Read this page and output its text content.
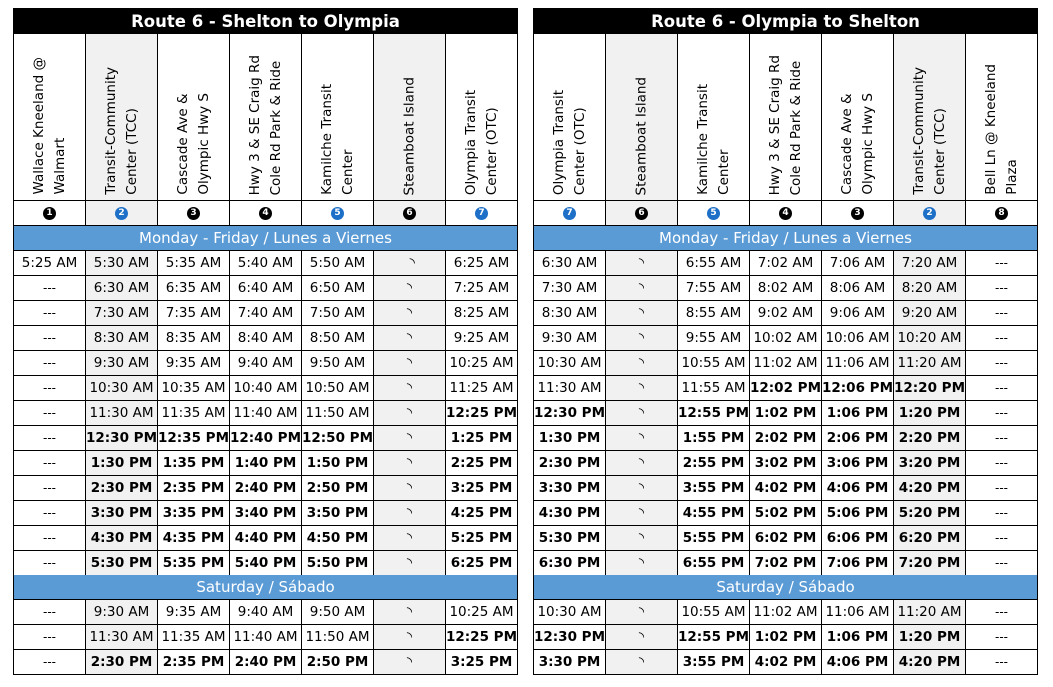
Route 6 - Shelton to Olympia
Wallace Kneeland @
Walmart	Transit-Community
Center (TCC)
Cascade Ave &
Olympic Hwy S
Hwy 3 & SE Craig Rd
Cole Rd Park & Ride
Kamilche Transit
Center	Steamboat Island	Olympia Transit
Center (OTC)
1	2	3	4	5	6	7
Monday - Friday / Lunes a Viernes
5:25 AM	5:30 AM	5:35 AM	5:40 AM	5:50 AM	  ◝	6:25 AM
---	6:30 AM	6:35 AM	6:40 AM	6:50 AM	◝	7:25 AM
---	7:30 AM	7:35 AM	7:40 AM	7:50 AM	◝	8:25 AM
---	8:30 AM	8:35 AM	8:40 AM	8:50 AM	◝	9:25 AM
---	9:30 AM	9:35 AM	9:40 AM	9:50 AM	◝	10:25 AM
---	10:30 AM 10:35 AM 10:40 AM 10:50 AM	◝	11:25 AM
---	11:30 AM 11:35 AM 11:40 AM 11:50 AM	◝	12:25 PM
---	12:30 PM 12:35 PM 12:40 PM 12:50 PM	◝	1:25 PM
---	1:30 PM 1:35 PM 1:40 PM 1:50 PM	◝	2:25 PM
---	2:30 PM 2:35 PM 2:40 PM 2:50 PM	◝	3:25 PM
---	3:30 PM 3:35 PM 3:40 PM 3:50 PM	◝	4:25 PM
---	4:30 PM 4:35 PM 4:40 PM 4:50 PM	◝	5:25 PM
---	5:30 PM 5:35 PM 5:40 PM 5:50 PM	◝	6:25 PM
Saturday / Sábado
---	9:30 AM	9:35 AM	9:40 AM	9:50 AM	◝	10:25 AM
---	11:30 AM 11:35 AM 11:40 AM 11:50 AM	◝	12:25 PM
---	2:30 PM 2:35 PM 2:40 PM 2:50 PM	◝	3:25 PM
Route 6 - Olympia to Shelton
Olympia Transit
Center (OTC)	Steamboat Island	Kamilche Transit
Center	Hwy 3 & SE Craig Rd
Cole Rd Park & Ride
Cascade Ave &
Olympic Hwy S	Transit-Community
Center (TCC)
Bell Ln @ Kneeland
Plaza
7	6	5	4	3	2	8
Monday - Friday / Lunes a Viernes
6:30 AM	◝	6:55 AM	7:02 AM	7:06 AM	7:20 AM	---
7:30 AM	◝	7:55 AM	8:02 AM	8:06 AM	8:20 AM	---
8:30 AM	◝	8:55 AM	9:02 AM	9:06 AM	9:20 AM	---
9:30 AM	◝	9:55 AM 10:02 AM 10:06 AM 10:20 AM	---
10:30 AM	◝	10:55 AM 11:02 AM 11:06 AM 11:20 AM	---
11:30 AM	◝	11:55 AM 12:02 PM 12:06 PM 12:20 PM	---
12:30 PM	◝	12:55 PM 1:02 PM 1:06 PM 1:20 PM	---
1:30 PM	◝	1:55 PM 2:02 PM 2:06 PM 2:20 PM	---
2:30 PM	◝	2:55 PM 3:02 PM 3:06 PM 3:20 PM	---
3:30 PM	◝	3:55 PM 4:02 PM 4:06 PM 4:20 PM	---
4:30 PM	◝	4:55 PM 5:02 PM 5:06 PM 5:20 PM	---
5:30 PM	◝	5:55 PM 6:02 PM 6:06 PM 6:20 PM	---
6:30 PM	◝	6:55 PM 7:02 PM 7:06 PM 7:20 PM	---
Saturday / Sábado
10:30 AM	◝	10:55 AM 11:02 AM 11:06 AM 11:20 AM	---
12:30 PM	◝	12:55 PM 1:02 PM 1:06 PM 1:20 PM	---
3:30 PM	◝	3:55 PM 4:02 PM 4:06 PM 4:20 PM	---
